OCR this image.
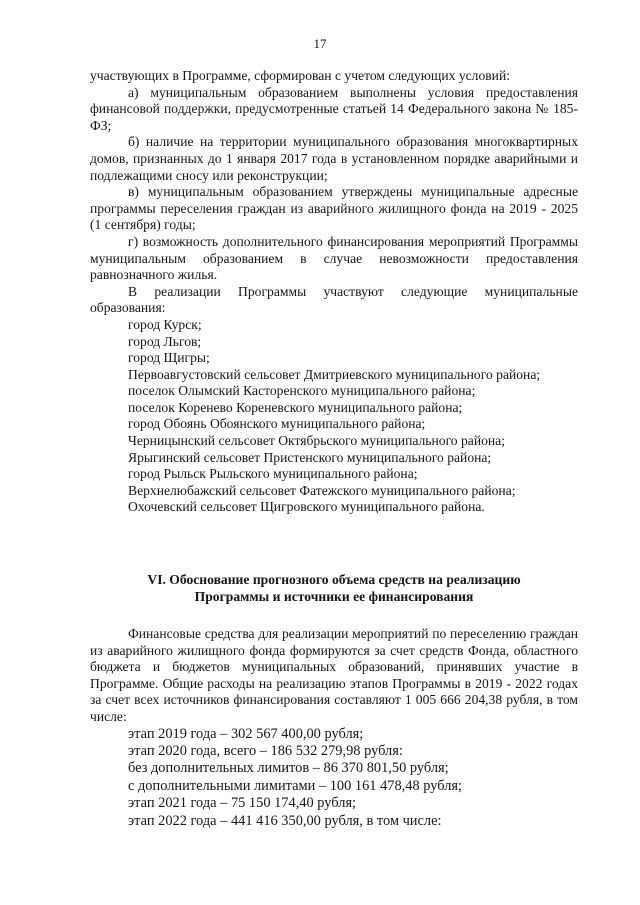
17

участвующих в Программе, сформирован с учетом следующих условий:

а) муниципальным образованием выполнены условия предоставления финансовой поддержки, предусмотренные статьей 14 Федерального закона № 185-ФЗ;

б) наличие на территории муниципального образования многоквартирных домов, признанных до 1 января 2017 года в установленном порядке аварийными и подлежащими сносу или реконструкции;

в) муниципальным образованием утверждены муниципальные адресные программы переселения граждан из аварийного жилищного фонда на 2019 - 2025 (1 сентября) годы;

г) возможность дополнительного финансирования мероприятий Программы муниципальным образованием в случае невозможности предоставления равнозначного жилья.

В реализации Программы участвуют следующие муниципальные образования:

город Курск;

город Льгов;

город Щигры;

Первоавгустовский сельсовет Дмитриевского муниципального района;

поселок Олымский Касторенского муниципального района;

поселок Коренево Кореневского муниципального района;

город Обоянь Обоянского муниципального района;

Черницынский сельсовет Октябрьского муниципального района;

Ярыгинский сельсовет Пристенского муниципального района;

город Рыльск Рыльского муниципального района;

Верхнелюбажский сельсовет Фатежского муниципального района;

Охочевский сельсовет Щигровского муниципального района.

VI. Обоснование прогнозного объема средств на реализацию
Программы и источники ее финансирования

Финансовые средства для реализации мероприятий по переселению граждан из аварийного жилищного фонда формируются за счет средств Фонда, областного бюджета и бюджетов муниципальных образований, принявших участие в Программе. Общие расходы на реализацию этапов Программы в 2019 - 2022 годах за счет всех источников финансирования составляют 1 005 666 204,38 рубля, в том числе:

этап 2019 года – 302 567 400,00 рубля;

этап 2020 года, всего – 186 532 279,98 рубля:

без дополнительных лимитов – 86 370 801,50 рубля;

с дополнительными лимитами – 100 161 478,48 рубля;

этап 2021 года – 75 150 174,40 рубля;

этап 2022 года – 441 416 350,00 рубля, в том числе:
